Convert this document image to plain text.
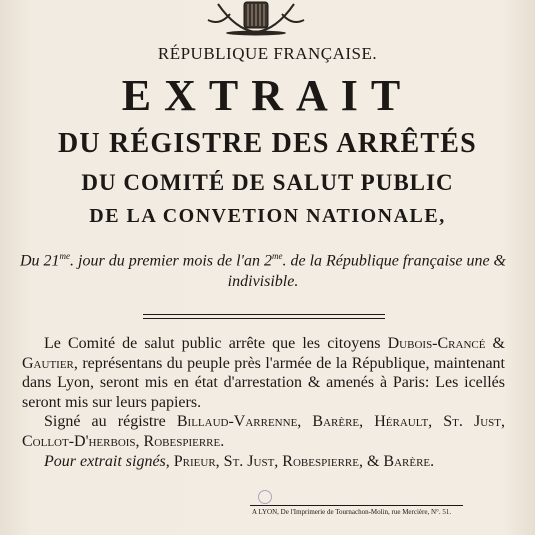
RÉPUBLIQUE FRANÇAISE.
EXTRAIT
DU RÉGISTRE DES ARRÊTÉS
DU COMITÉ DE SALUT PUBLIC
DE LA CONVETION NATIONALE,
Du $21^{me}$. jour du premier mois de l'an $2^{me}$. de la République française une & indivisible.

Le Comité de salut public arrête que les citoyens Dubois-Crancé & Gautier, représentans du peuple près l'armée de la République, maintenant dans Lyon, seront mis en état d'arrestation & amenés à Paris: Les icellés seront mis sur leurs papiers.

Signé au régistre Billaud-Varrenne, Barère, Hérault, St. Just, Collot-D'herbois, Robespierre.

Pour extrait signés, Prieur, St. Just, Robespierre, & Barère.

A LYON, De l'Imprimerie de Tournachon-Molin, rue Mercière, N°. 51.
